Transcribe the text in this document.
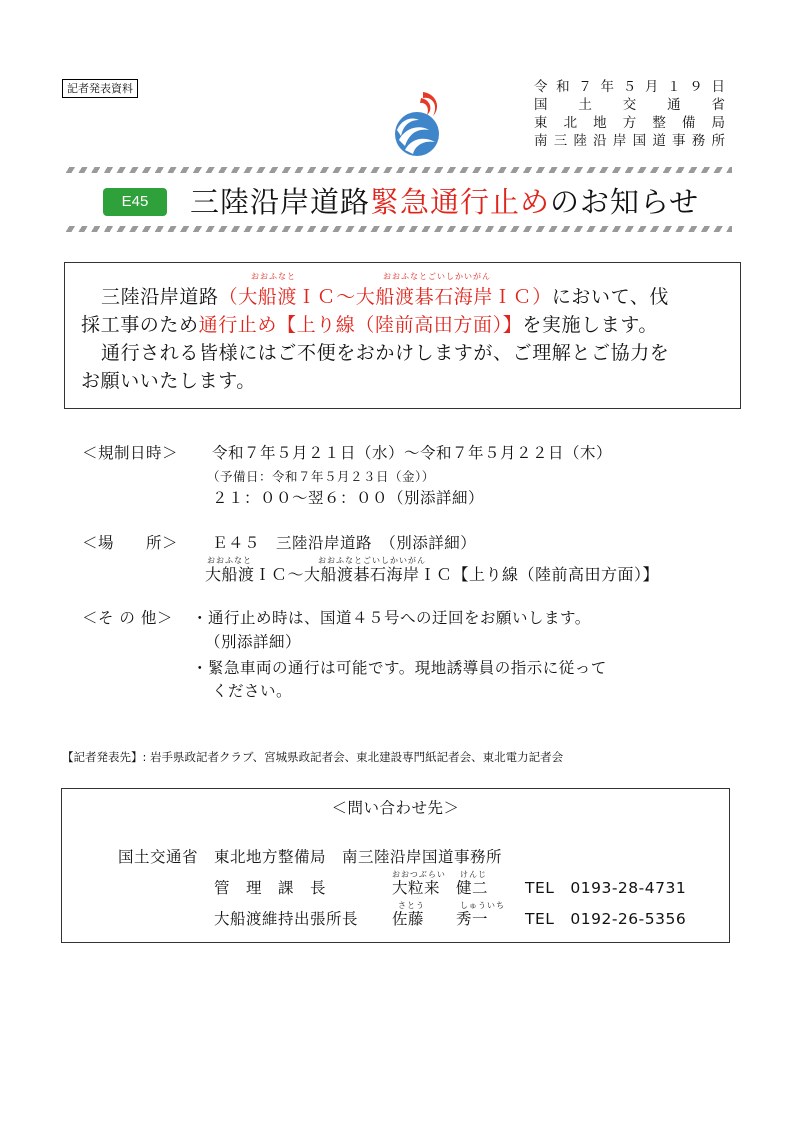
記者発表資料	令和７年５月１９日
国土交通省
東北地方整備局
南三陸沿岸国道事務所
E45	三陸沿岸道路緊急通行止めのお知らせ
おおふなと	おおふなとごいしかいがん
三陸沿岸道路（大船渡ＩＣ～大船渡碁石海岸ＩＣ）において、伐
採工事のため通行止め【上り線（陸前高田方面）】を実施します。
通行される皆様にはご不便をおかけしますが、ご理解とご協力を
お願いいたします。
＜規制日時＞ 令和７年５月２１日（水）～令和７年５月２２日（木）
（予備日：令和７年５月２３日（金））
２１：００～翌６：００（別添詳細）
＜場　　所＞ Ｅ４５　三陸沿岸道路　（別添詳細）
おおふなと	おおふなとごいしかいがん
大船渡ＩＣ～大船渡碁石海岸ＩＣ【上り線（陸前高田方面）】
＜そ の 他＞ ・通行止め時は、国道４５号への迂回をお願いします。
（別添詳細）
・緊急車両の通行は可能です。現地誘導員の指示に従って
ください。
【記者発表先】: 岩手県政記者クラブ、宮城県政記者会、東北建設専門紙記者会、東北電力記者会
＜問い合わせ先＞
国土交通省　東北地方整備局　南三陸沿岸国道事務所
おおつぶらい けんじ
管　理　課　長	大粒来　健二 TEL　0193-28-4731
さとう	しゅういち
大船渡維持出張所長 佐藤　　秀一 TEL　0192-26-5356
